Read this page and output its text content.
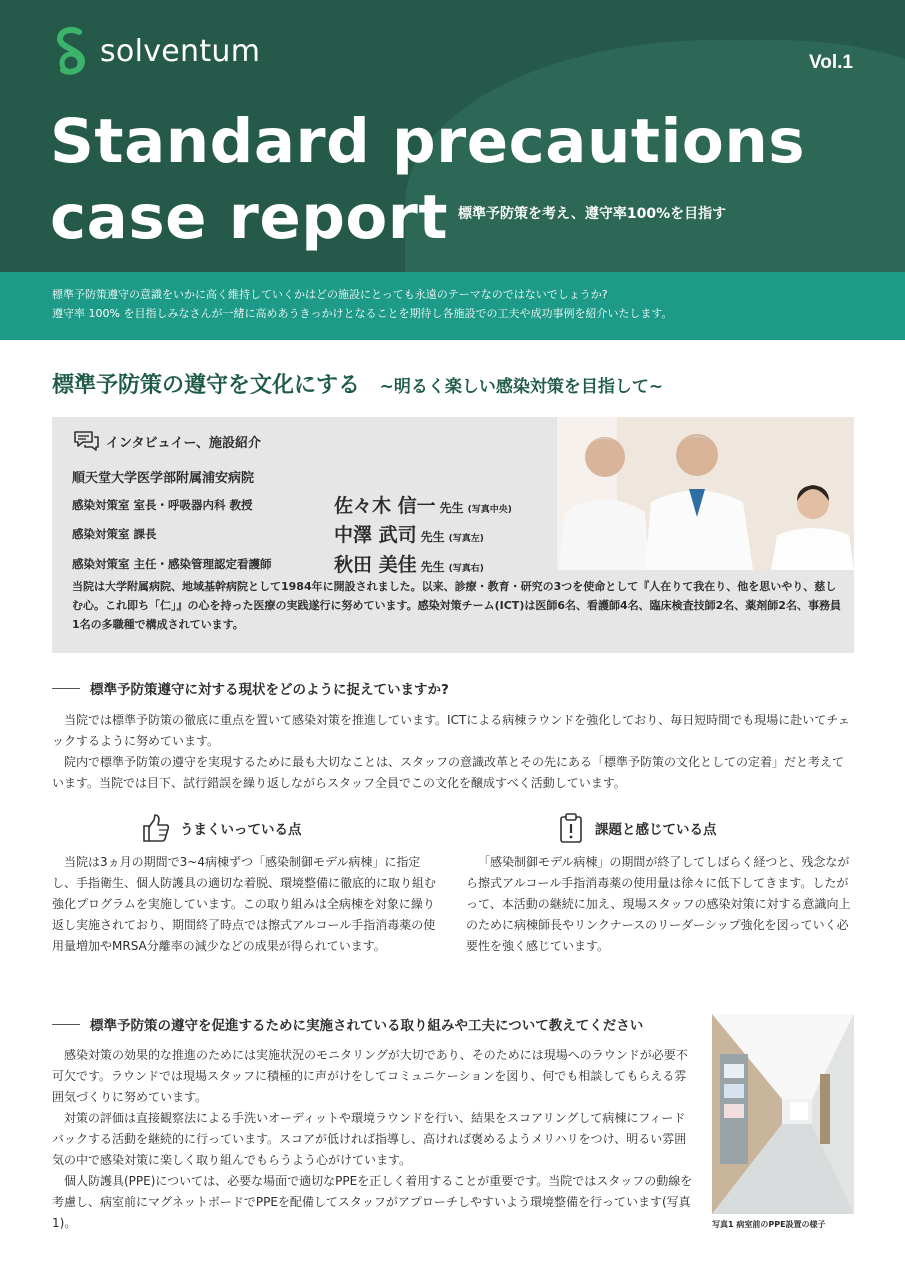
solventum	Vol.1
Standard precautions
case report 標準予防策を考え、遵守率100%を目指す

標準予防策遵守の意識をいかに高く維持していくかはどの施設にとっても永遠のテーマなのではないでしょうか?

遵守率 100% を目指しみなさんが一緒に高めあうきっかけとなることを期待し各施設での工夫や成功事例を紹介いたします。

標準予防策の遵守を文化にする ~明るく楽しい感染対策を目指して~
インタビュイー、施設紹介
順天堂大学医学部附属浦安病院
感染対策室 室長・呼吸器内科 教授	佐々木 信一 先生 (写真中央)
感染対策室 課長	中澤 武司 先生 (写真左)
感染対策室 主任・感染管理認定看護師	秋田 美佳 先生 (写真右)
当院は大学附属病院、地域基幹病院として1984年に開設されました。以来、診療・教育・研究の3つを使命として『人在りて我在り、他を思いやり、慈しむ心。これ即ち「仁」』の心を持った医療の実践遂行に努めています。感染対策チーム(ICT)は医師6名、看護師4名、臨床検査技師2名、薬剤師2名、事務員1名の多職種で構成されています。
標準予防策遵守に対する現状をどのように捉えていますか?

当院では標準予防策の徹底に重点を置いて感染対策を推進しています。ICTによる病棟ラウンドを強化しており、毎日短時間でも現場に赴いてチェックするように努めています。

院内で標準予防策の遵守を実現するために最も大切なことは、スタッフの意識改革とその先にある「標準予防策の文化としての定着」だと考えています。当院では目下、試行錯誤を繰り返しながらスタッフ全員でこの文化を醸成すべく活動しています。

うまくいっている点

当院は3ヵ月の期間で3~4病棟ずつ「感染制御モデル病棟」に指定し、手指衛生、個人防護具の適切な着脱、環境整備に徹底的に取り組む強化プログラムを実施しています。この取り組みは全病棟を対象に繰り返し実施されており、期間終了時点では擦式アルコール手指消毒薬の使用量増加やMRSA分離率の減少などの成果が得られています。

課題と感じている点

「感染制御モデル病棟」の期間が終了してしばらく経つと、残念ながら擦式アルコール手指消毒薬の使用量は徐々に低下してきます。したがって、本活動の継続に加え、現場スタッフの感染対策に対する意識向上のために病棟師長やリンクナースのリーダーシップ強化を図っていく必要性を強く感じています。

標準予防策の遵守を促進するために実施されている取り組みや工夫について教えてください

感染対策の効果的な推進のためには実施状況のモニタリングが大切であり、そのためには現場へのラウンドが必要不可欠です。ラウンドでは現場スタッフに積極的に声がけをしてコミュニケーションを図り、何でも相談してもらえる雰囲気づくりに努めています。

対策の評価は直接観察法による手洗いオーディットや環境ラウンドを行い、結果をスコアリングして病棟にフィードバックする活動を継続的に行っています。スコアが低ければ指導し、高ければ褒めるようメリハリをつけ、明るい雰囲気の中で感染対策に楽しく取り組んでもらうよう心がけています。

個人防護具(PPE)については、必要な場面で適切なPPEを正しく着用することが重要です。当院ではスタッフの動線を考慮し、病室前にマグネットボードでPPEを配備してスタッフがアプローチしやすいよう環境整備を行っています(写真1)。	写真1 病室前のPPE設置の様子
